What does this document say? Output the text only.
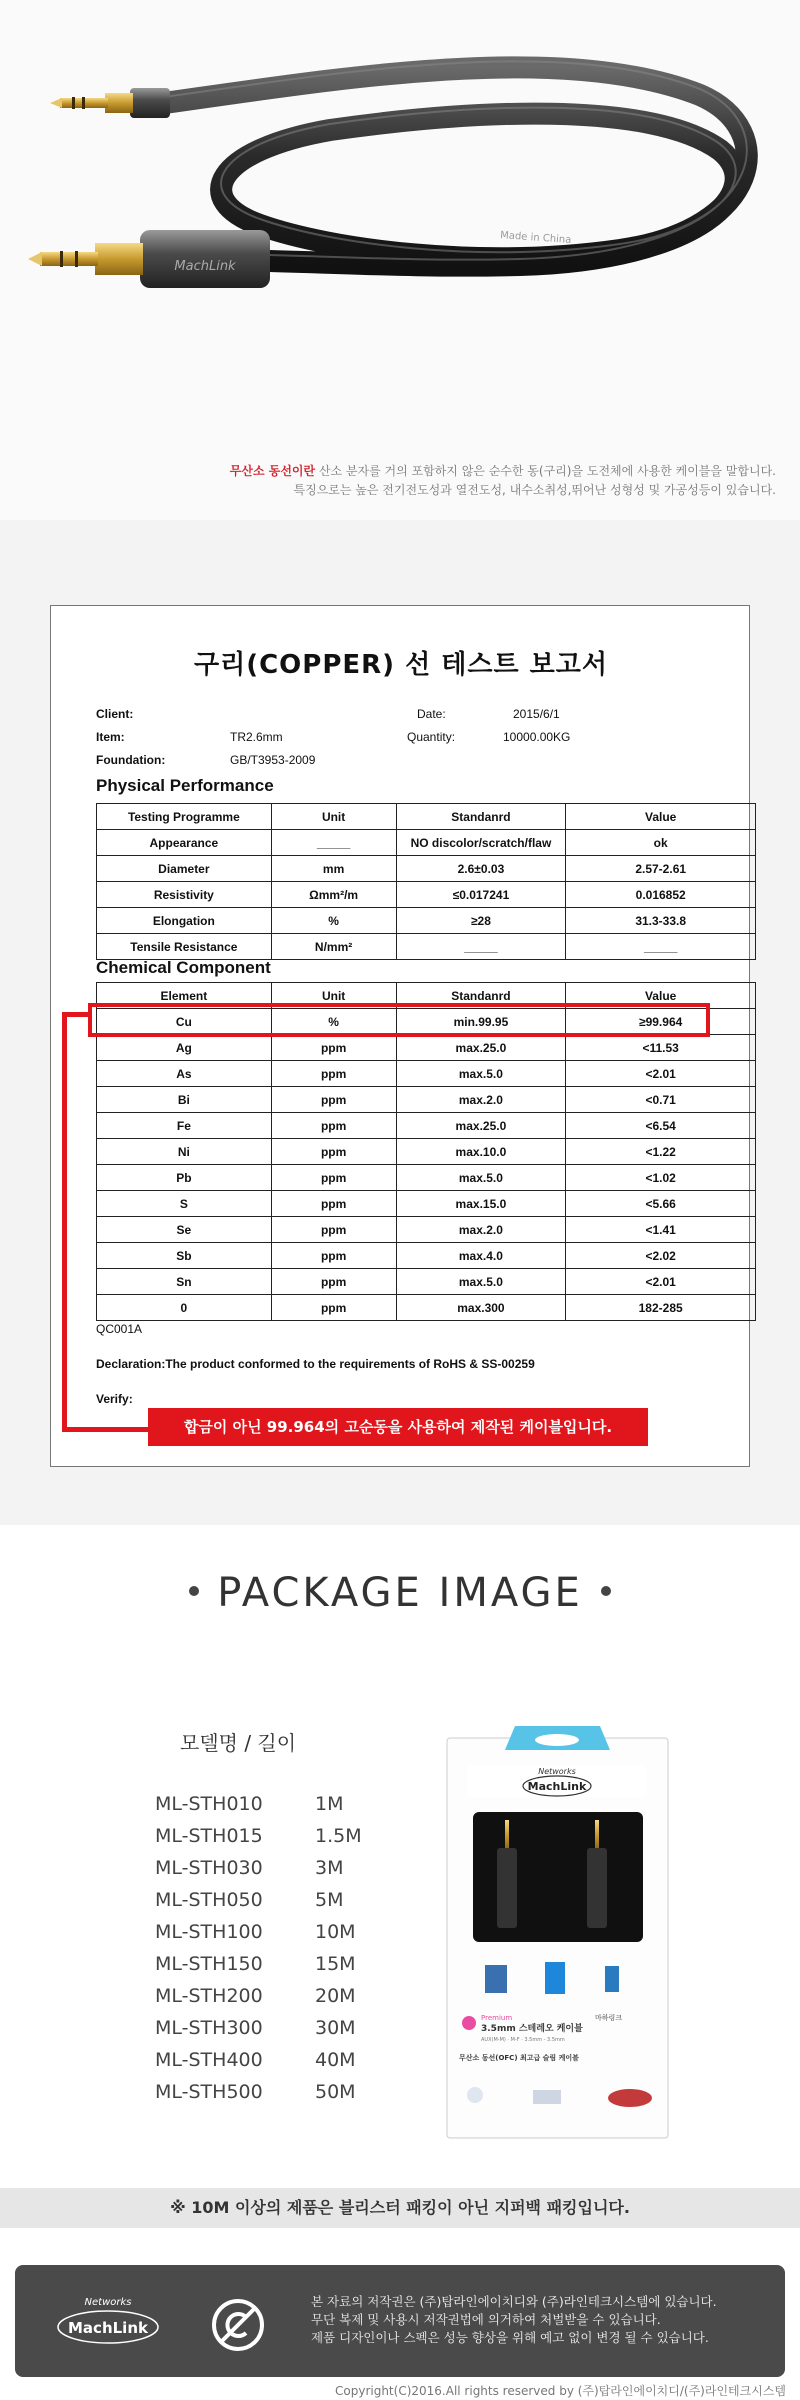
MachLink
Made in China
무산소 동선이란 산소 분자를 거의 포함하지 않은 순수한 동(구리)을 도전체에 사용한 케이블을 말합니다.
특징으로는 높은 전기전도성과 열전도성, 내수소취성,뛰어난 성형성 및 가공성등이 있습니다.
구리(COPPER) 선 테스트 보고서
Client:
Item:	TR2.6mm
Foundation:	GB/T3953-2009
Date:	2015/6/1
Quantity:	10000.00KG
Physical Performance
Testing Programme	Unit	Standanrd	Value
Appearance	_____	NO discolor/scratch/flaw	ok
Diameter	mm	2.6±0.03	2.57-2.61
Resistivity	Ωmm²/m	≤0.017241	0.016852
Elongation	%	≥28	31.3-33.8
Tensile Resistance	N/mm²	_____	_____
Chemical Component
Element	Unit	Standanrd	Value
Cu	%	min.99.95	≥99.964
Ag	ppm	max.25.0	<11.53
As	ppm	max.5.0	<2.01
Bi	ppm	max.2.0	<0.71
Fe	ppm	max.25.0	<6.54
Ni	ppm	max.10.0	<1.22
Pb	ppm	max.5.0	<1.02
S	ppm	max.15.0	<5.66
Se	ppm	max.2.0	<1.41
Sb	ppm	max.4.0	<2.02
Sn	ppm	max.5.0	<2.01
0	ppm	max.300	182-285
QC001A
Declaration:The product conformed to the requirements of RoHS & SS-00259
Verify:
합금이 아닌 99.964의 고순동을 사용하여 제작된 케이블입니다.
PACKAGE IMAGE
모델명 / 길이
ML-STH010	1M
ML-STH015	1.5M
ML-STH030	3M
ML-STH050	5M
ML-STH100	10M
ML-STH150	15M
ML-STH200	20M
ML-STH300	30M
ML-STH400	40M
ML-STH500	50M
Networks
MachLink
Premium
3.5mm 스테레오 케이블
마하링크
AUX(M-M) · M-F · 3.5mm - 3.5mm
무산소 동선(OFC) 최고급 슬림 케이블
※ 10M 이상의 제품은 블리스터 패킹이 아닌 지퍼백 패킹입니다.
Networks
MachLink
본 자료의 저작권은 (주)탑라인에이치디와 (주)라인테크시스템에 있습니다.
무단 복제 및 사용시 저작권법에 의거하여 처벌받을 수 있습니다.
제품 디자인이나 스펙은 성능 향상을 위해 예고 없이 변경 될 수 있습니다.
Copyright(C)2016.All rights reserved by (주)탑라인에이치디/(주)라인테크시스템
